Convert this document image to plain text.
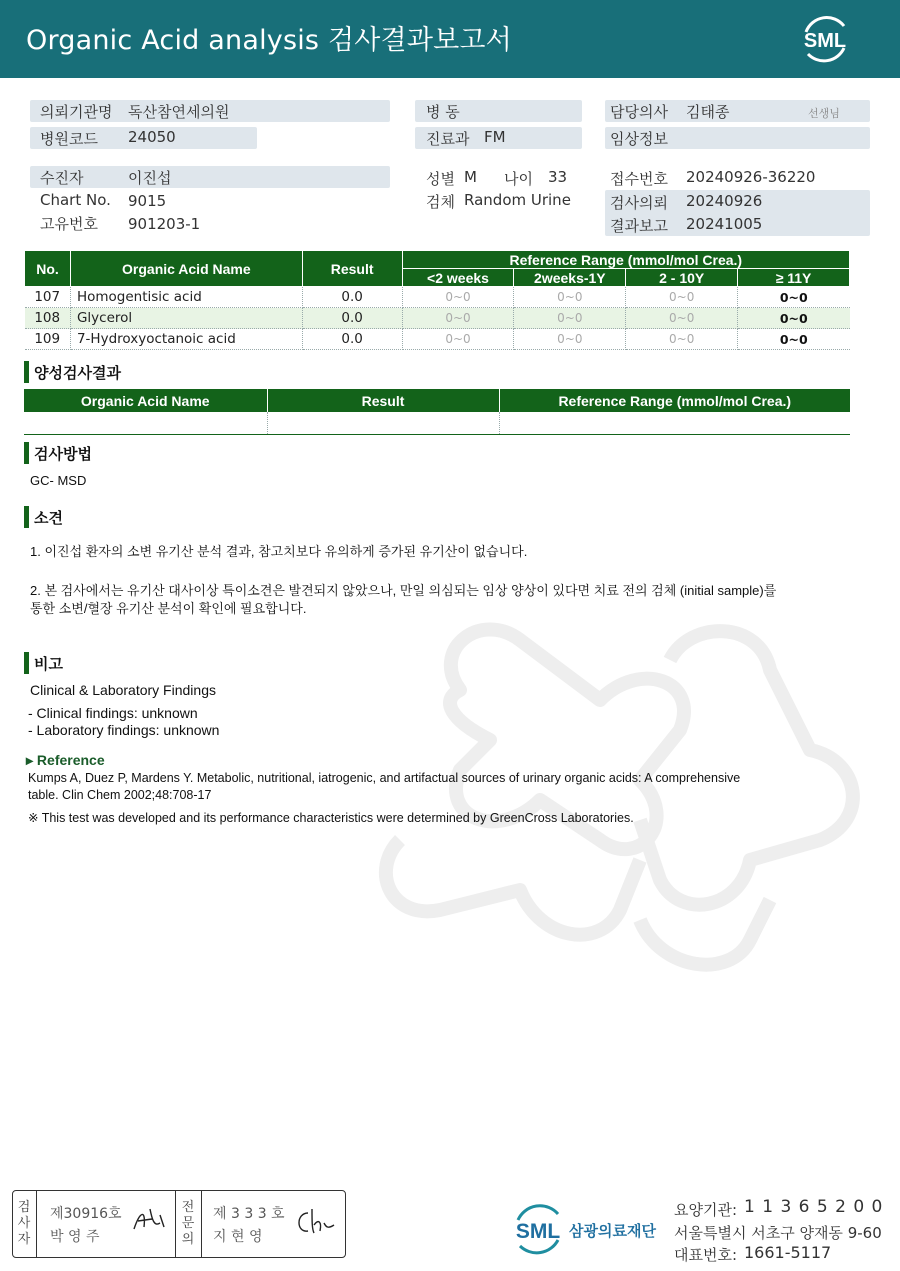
Organic Acid analysis 검사결과보고서	SML
의뢰기관명 독산참연세의원
병원코드 24050
수진자	이진섭
Chart No. 9015
고유번호 901203-1
병 동
진료과 FM
성별 M 나이 33
검체 Random Urine
담당의사 김태종	선생님
임상정보
접수번호 20240926-36220
검사의뢰 20240926
결과보고 20241005
No.	Organic Acid Name	Result	Reference Range (mmol/mol Crea.)			
			<2 weeks	2weeks-1Y	2 - 10Y	≥ 11Y
107	Homogentisic acid	0.0	0~0	0~0	0~0	0~0
108	Glycerol	0.0	0~0	0~0	0~0	0~0
109	7-Hydroxyoctanoic acid	0.0	0~0	0~0	0~0	0~0
양성검사결과
Organic Acid Name	Result	Reference Range (mmol/mol Crea.)

검사방법
GC- MSD
소견
1. 이진섭 환자의 소변 유기산 분석 결과, 참고치보다 유의하게 증가된 유기산이 없습니다.
2. 본 검사에서는 유기산 대사이상 특이소견은 발견되지 않았으나, 만일 의심되는 임상 양상이 있다면 치료 전의 검체 (initial sample)를
통한 소변/혈장 유기산 분석이 확인에 필요합니다.
비고
Clinical & Laboratory Findings
- Clinical findings: unknown
- Laboratory findings: unknown
▸ Reference
Kumps A, Duez P, Mardens Y. Metabolic, nutritional, iatrogenic, and artifactual sources of urinary organic acids: A comprehensive
table. Clin Chem 2002;48:708-17
※ This test was developed and its performance characteristics were determined by GreenCross Laboratories.
검사자
제30916호
박 영 주
전문의
제 3 3 3 호
지 현 영	SML 삼광의료재단
요양기관: 1 1 3 6 5 2 0 0
서울특별시 서초구 양재동 9-60
대표번호: 1661-5117
